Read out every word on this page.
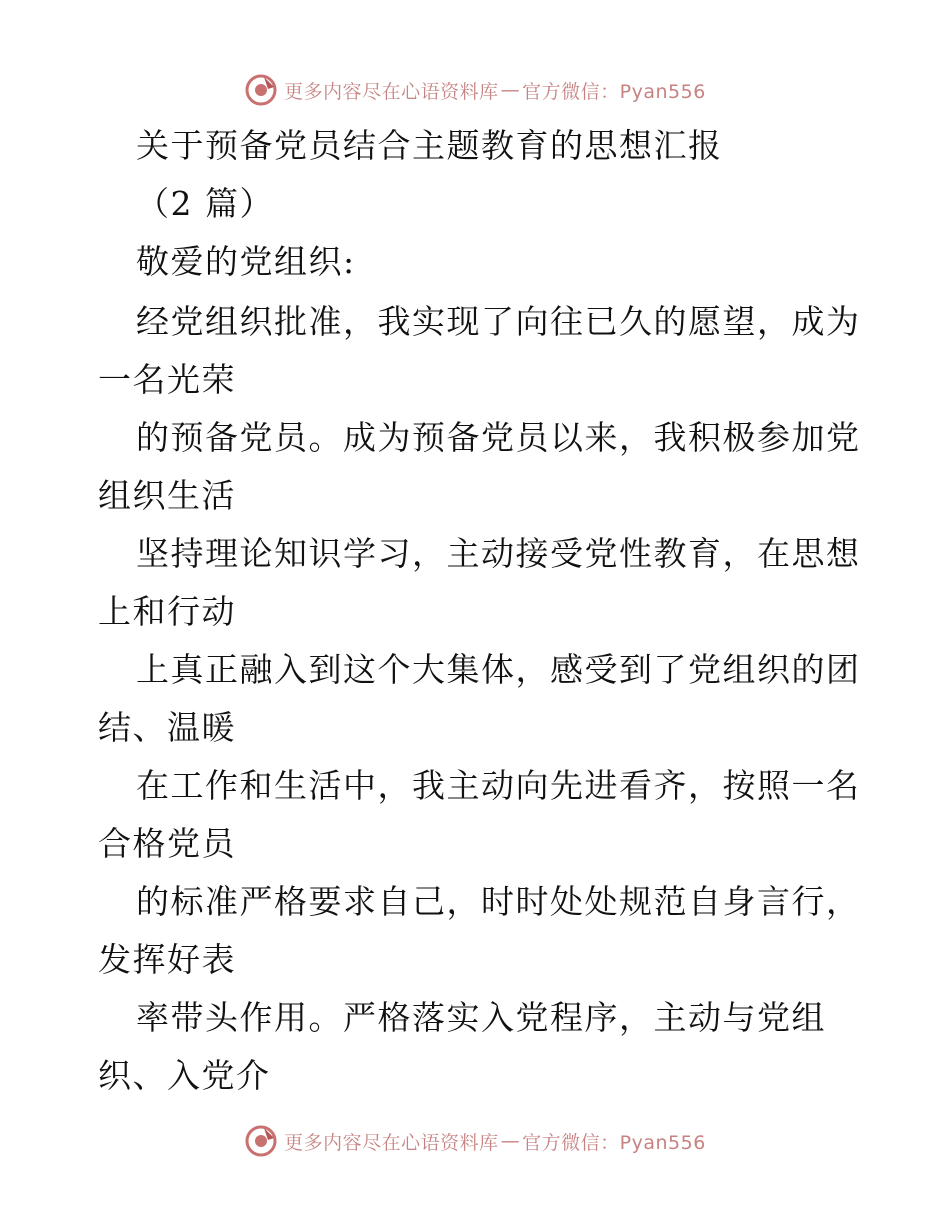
更多内容尽在心语资料库 — 官方微信：Pyan556
关于预备党员结合主题教育的思想汇报
（2 篇）
敬爱的党组织:
经党组织批准，我实现了向往已久的愿望，成为
一名光荣
的预备党员。成为预备党员以来，我积极参加党
组织生活
坚持理论知识学习，主动接受党性教育，在思想
上和行动
上真正融入到这个大集体，感受到了党组织的团
结、温暖
在工作和生活中，我主动向先进看齐，按照一名
合格党员
的标准严格要求自己，时时处处规范自身言行，
发挥好表
率带头作用。严格落实入党程序，主动与党组
织、入党介
更多内容尽在心语资料库 — 官方微信：Pyan556
